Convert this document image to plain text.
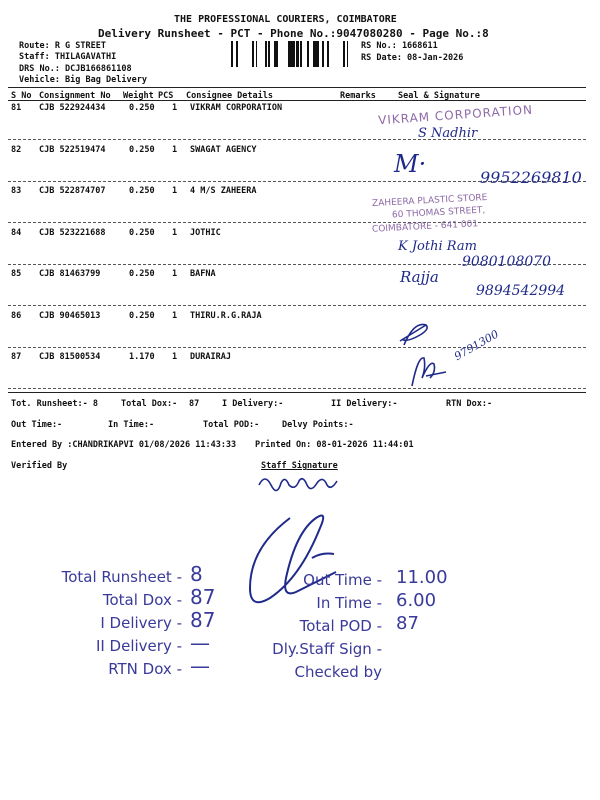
THE PROFESSIONAL COURIERS, COIMBATORE
Delivery Runsheet - PCT - Phone No.:9047080280 - Page No.:8
Route: R G STREET
Staff: THILAGAVATHI
DRS No.: DCJB166861108
Vehicle: Big Bag Delivery
RS No.: 1668611
RS Date: 08-Jan-2026
S No Consignment No Weight PCS Consignee Details	Remarks	Seal & Signature
81 CJB 522924434	0.250 1 VIKRAM CORPORATION
82 CJB 522519474	0.250 1 SWAGAT AGENCY
83 CJB 522874707	0.250 1 4 M/S ZAHEERA
84 CJB 523221688	0.250 1 JOTHIC
85 CJB 81463799	0.250 1 BAFNA
86 CJB 90465013	0.250 1 THIRU.R.G.RAJA
87 CJB 81500534	1.170 1 DURAIRAJ
Tot. Runsheet:- 8	Total Dox:- 87	I Delivery:-	II Delivery:-	RTN Dox:-
Out Time:-	In Time:-	Total POD:-	Delvy Points:-
Entered By :CHANDRIKAPVI 01/08/2026 11:43:33 Printed On: 08-01-2026 11:44:01
Verified By	Staff Signature
VIKRAM CORPORATION
S Nadhir
M·	9952269810
ZAHEERA PLASTIC STORE
60 THOMAS STREET,
COIMBATORE - 641 001
K Jothi Ram
9080108070
Rajja
9894542994
9791300
Total Runsheet - 8
Total Dox - 87
I Delivery - 87
II Delivery - —
RTN Dox - —
Out Time - 11.00
In Time - 6.00
Total POD - 87
Dly.Staff Sign -
Checked by
